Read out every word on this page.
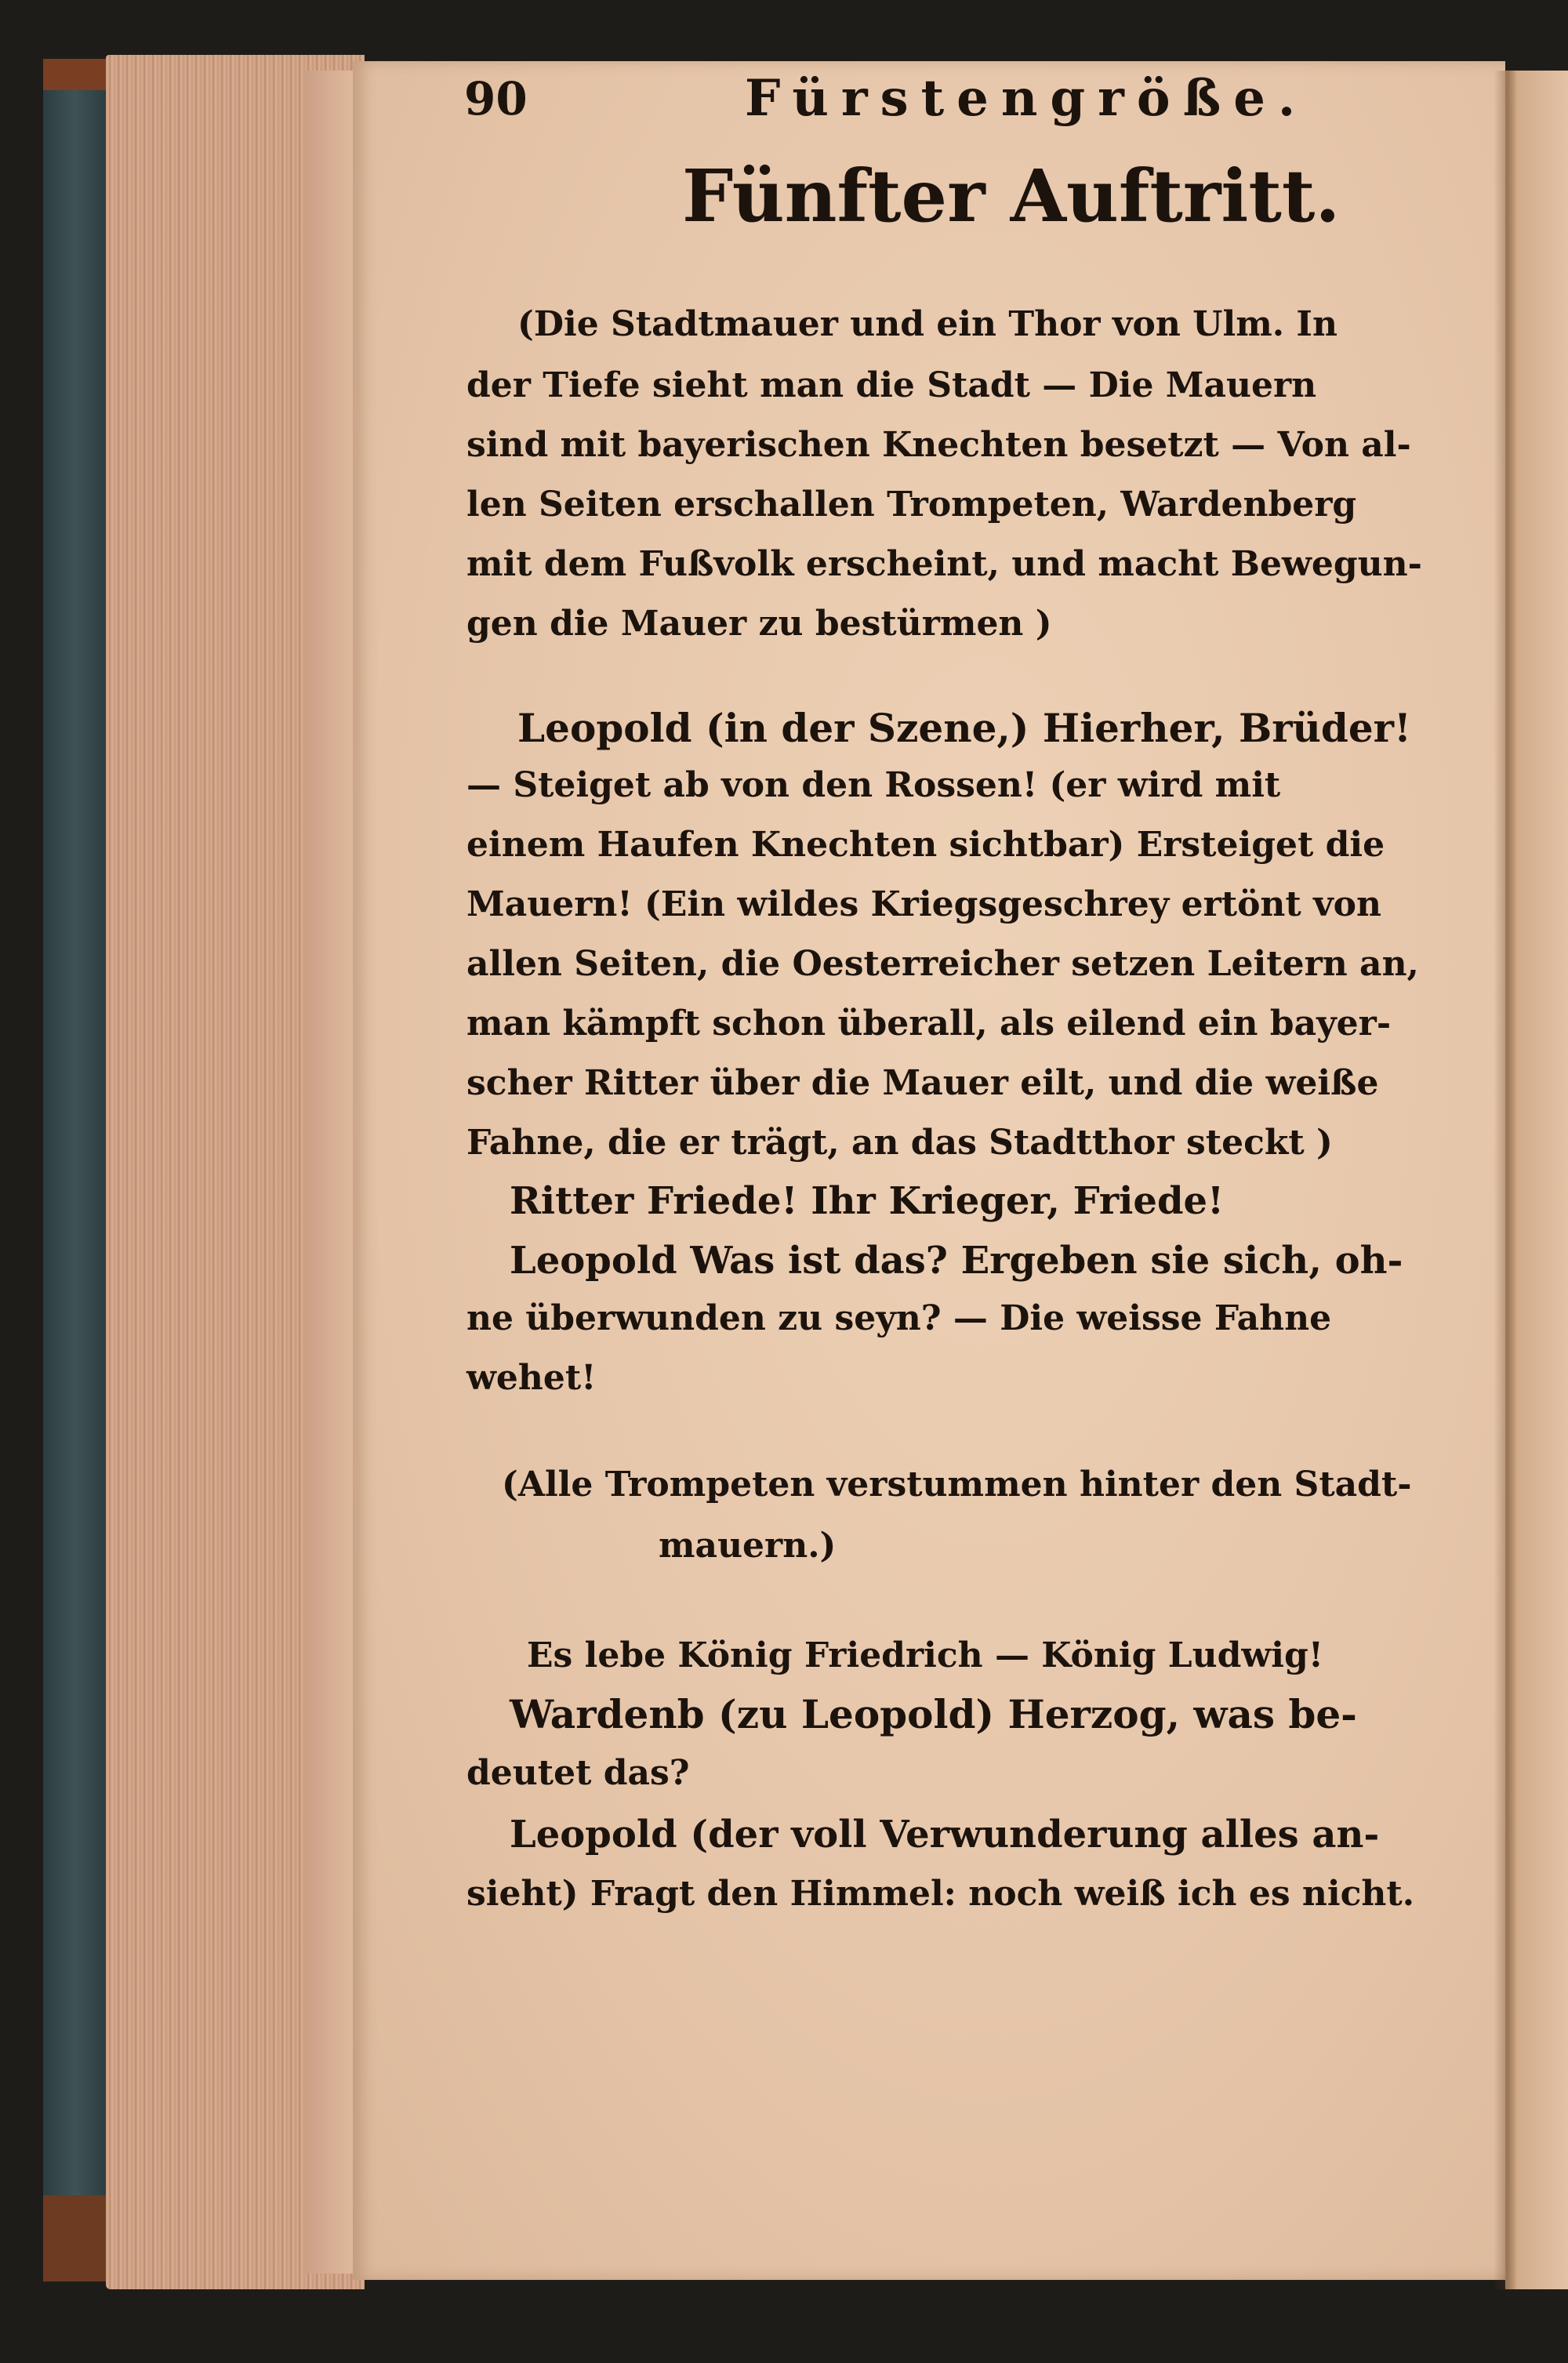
90	Fürstengröße.
Fünfter Auftritt.
(Die Stadtmauer und ein Thor von Ulm. In
der Tiefe sieht man die Stadt — Die Mauern
sind mit bayerischen Knechten besetzt — Von al-
len Seiten erschallen Trompeten, Wardenberg
mit dem Fußvolk erscheint, und macht Bewegun-
gen die Mauer zu bestürmen )
Leopold (in der Szene,) Hierher, Brüder!
— Steiget ab von den Rossen! (er wird mit
einem Haufen Knechten sichtbar) Ersteiget die
Mauern! (Ein wildes Kriegsgeschrey ertönt von
allen Seiten, die Oesterreicher setzen Leitern an,
man kämpft schon überall, als eilend ein bayer-
scher Ritter über die Mauer eilt, und die weiße
Fahne, die er trägt, an das Stadtthor steckt )
Ritter Friede! Ihr Krieger, Friede!
Leopold Was ist das? Ergeben sie sich, oh-
ne überwunden zu seyn? — Die weisse Fahne
wehet!
(Alle Trompeten verstummen hinter den Stadt-
mauern.)
Es lebe König Friedrich — König Ludwig!
Wardenb (zu Leopold) Herzog, was be-
deutet das?
Leopold (der voll Verwunderung alles an-
sieht) Fragt den Himmel: noch weiß ich es nicht.
